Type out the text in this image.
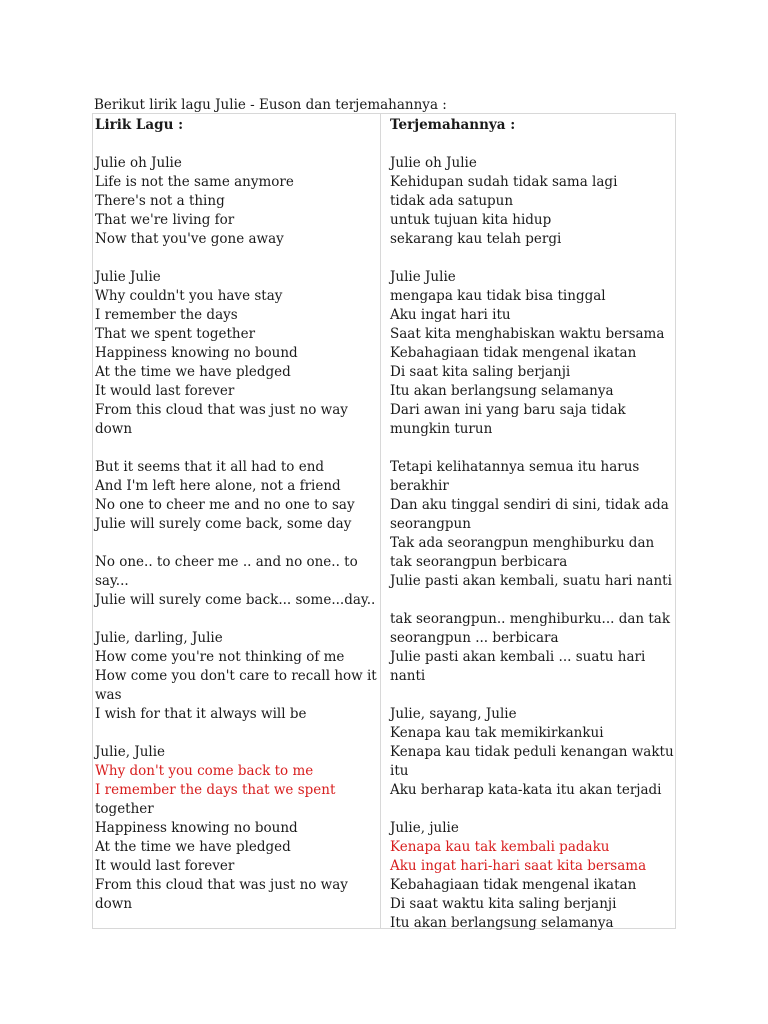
Berikut lirik lagu Julie - Euson dan terjemahannya :
Lirik Lagu :
Julie oh Julie
Life is not the same anymore
There's not a thing
That we're living for
Now that you've gone away
Julie Julie
Why couldn't you have stay
I remember the days
That we spent together
Happiness knowing no bound
At the time we have pledged
It would last forever
From this cloud that was just no way
down
But it seems that it all had to end
And I'm left here alone, not a friend
No one to cheer me and no one to say
Julie will surely come back, some day
No one.. to cheer me .. and no one.. to
say...
Julie will surely come back... some...day..
Julie, darling, Julie
How come you're not thinking of me
How come you don't care to recall how it
was
I wish for that it always will be
Julie, Julie
Why don't you come back to me
I remember the days that we spent
together
Happiness knowing no bound
At the time we have pledged
It would last forever
From this cloud that was just no way
down
Terjemahannya :
Julie oh Julie
Kehidupan sudah tidak sama lagi
tidak ada satupun
untuk tujuan kita hidup
sekarang kau telah pergi
Julie Julie
mengapa kau tidak bisa tinggal
Aku ingat hari itu
Saat kita menghabiskan waktu bersama
Kebahagiaan tidak mengenal ikatan
Di saat kita saling berjanji
Itu akan berlangsung selamanya
Dari awan ini yang baru saja tidak
mungkin turun
Tetapi kelihatannya semua itu harus
berakhir
Dan aku tinggal sendiri di sini, tidak ada
seorangpun
Tak ada seorangpun menghiburku dan
tak seorangpun berbicara
Julie pasti akan kembali, suatu hari nanti
tak seorangpun.. menghiburku... dan tak
seorangpun ... berbicara
Julie pasti akan kembali ... suatu hari
nanti
Julie, sayang, Julie
Kenapa kau tak memikirkankui
Kenapa kau tidak peduli kenangan waktu
itu
Aku berharap kata-kata itu akan terjadi
Julie, julie
Kenapa kau tak kembali padaku
Aku ingat hari-hari saat kita bersama
Kebahagiaan tidak mengenal ikatan
Di saat waktu kita saling berjanji
Itu akan berlangsung selamanya
